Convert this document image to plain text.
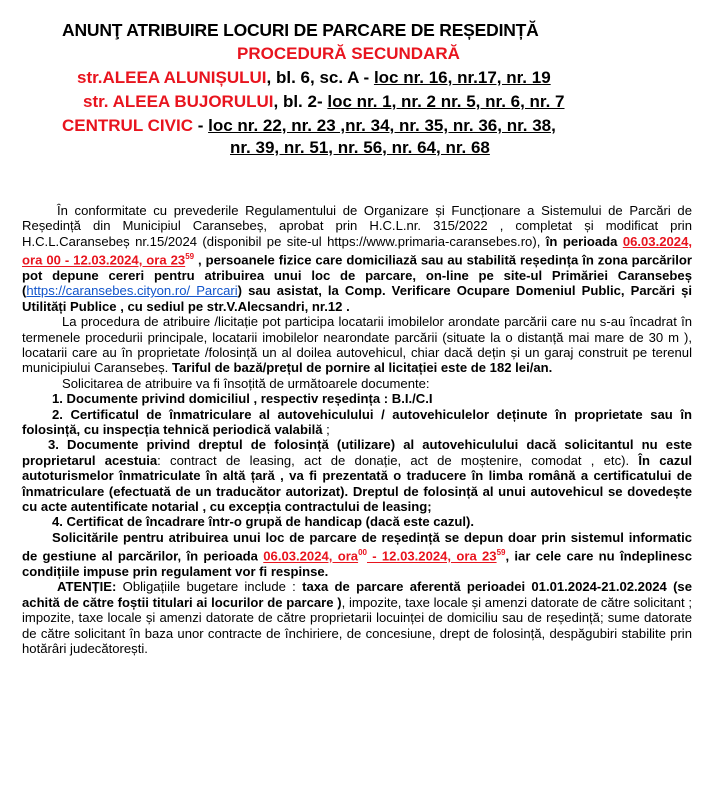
ANUNŢ ATRIBUIRE LOCURI DE PARCARE DE REȘEDINȚĂ
PROCEDURĂ SECUNDARĂ
str.ALEEA ALUNIȘULUI, bl. 6, sc. A - loc nr. 16, nr.17, nr. 19
str. ALEEA BUJORULUI, bl. 2- loc nr. 1, nr. 2 nr. 5, nr. 6, nr. 7
CENTRUL CIVIC - loc nr. 22, nr. 23 ,nr. 34, nr. 35, nr. 36, nr. 38,
nr. 39, nr. 51, nr. 56, nr. 64, nr. 68

În conformitate cu prevederile Regulamentului de Organizare și Funcționare a Sistemului de Parcări de Reședință din Municipiul Caransebeș, aprobat prin H.C.L.nr. 315/2022 , completat și modificat prin H.C.L.Caransebeș nr.15/2024 (disponibil pe site-ul https://www.primaria-caransebes.ro), în perioada 06.03.2024, ora 00 - 12.03.2024, ora $23^{59}$ , persoanele fizice care domiciliază sau au stabilită reședința în zona parcărilor pot depune cereri pentru atribuirea unui loc de parcare, on-line pe site-ul Primăriei Caransebeș (https://caransebes.cityon.ro/ Parcari) sau asistat, la Comp. Verificare Ocupare Domeniul Public, Parcări și Utilități Publice , cu sediul pe str.V.Alecsandri, nr.12 .

La procedura de atribuire /licitație pot participa locatarii imobilelor arondate parcării care nu s-au încadrat în termenele procedurii principale, locatarii imobilelor nearondate parcării (situate la o distanță mai mare de 30 m ), locatarii care au în proprietate /folosință un al doilea autovehicul, chiar dacă dețin și un garaj construit pe terenul municipiului Caransebeș. Tariful de bază/prețul de pornire al licitației este de 182 lei/an.

Solicitarea de atribuire va fi însoțită de următoarele documente:

1. Documente privind domiciliul , respectiv reședința : B.I./C.I

2. Certificatul de înmatriculare al autovehiculului / autovehiculelor deținute în proprietate sau în folosință, cu inspecția tehnică periodică valabilă ;

3. Documente privind dreptul de folosință (utilizare) al autovehiculului dacă solicitantul nu este proprietarul acestuia: contract de leasing, act de donație, act de moștenire, comodat , etc). În cazul autoturismelor înmatriculate în altă țară , va fi prezentată o traducere în limba română a certificatului de înmatriculare (efectuată de un traducător autorizat). Dreptul de folosință al unui autovehicul se dovedește cu acte autentificate notarial , cu excepția contractului de leasing;

4. Certificat de încadrare într-o grupă de handicap (dacă este cazul).

Solicitările pentru atribuirea unui loc de parcare de reședință se depun doar prin sistemul informatic de gestiune al parcărilor, în perioada 06.03.2024, ora$^{00}$ - 12.03.2024, ora $23^{59}$, iar cele care nu îndeplinesc condițiile impuse prin regulament vor fi respinse.

ATENȚIE: Obligațiile bugetare include : taxa de parcare aferentă perioadei 01.01.2024-21.02.2024 (se achită de către foștii titulari ai locurilor de parcare ), impozite, taxe locale și amenzi datorate de către solicitant ; impozite, taxe locale și amenzi datorate de către proprietarii locuinței de domiciliu sau de reședință; sume datorate de către solicitant în baza unor contracte de închiriere, de concesiune, drept de folosință, despăgubiri stabilite prin hotărâri judecătorești.
